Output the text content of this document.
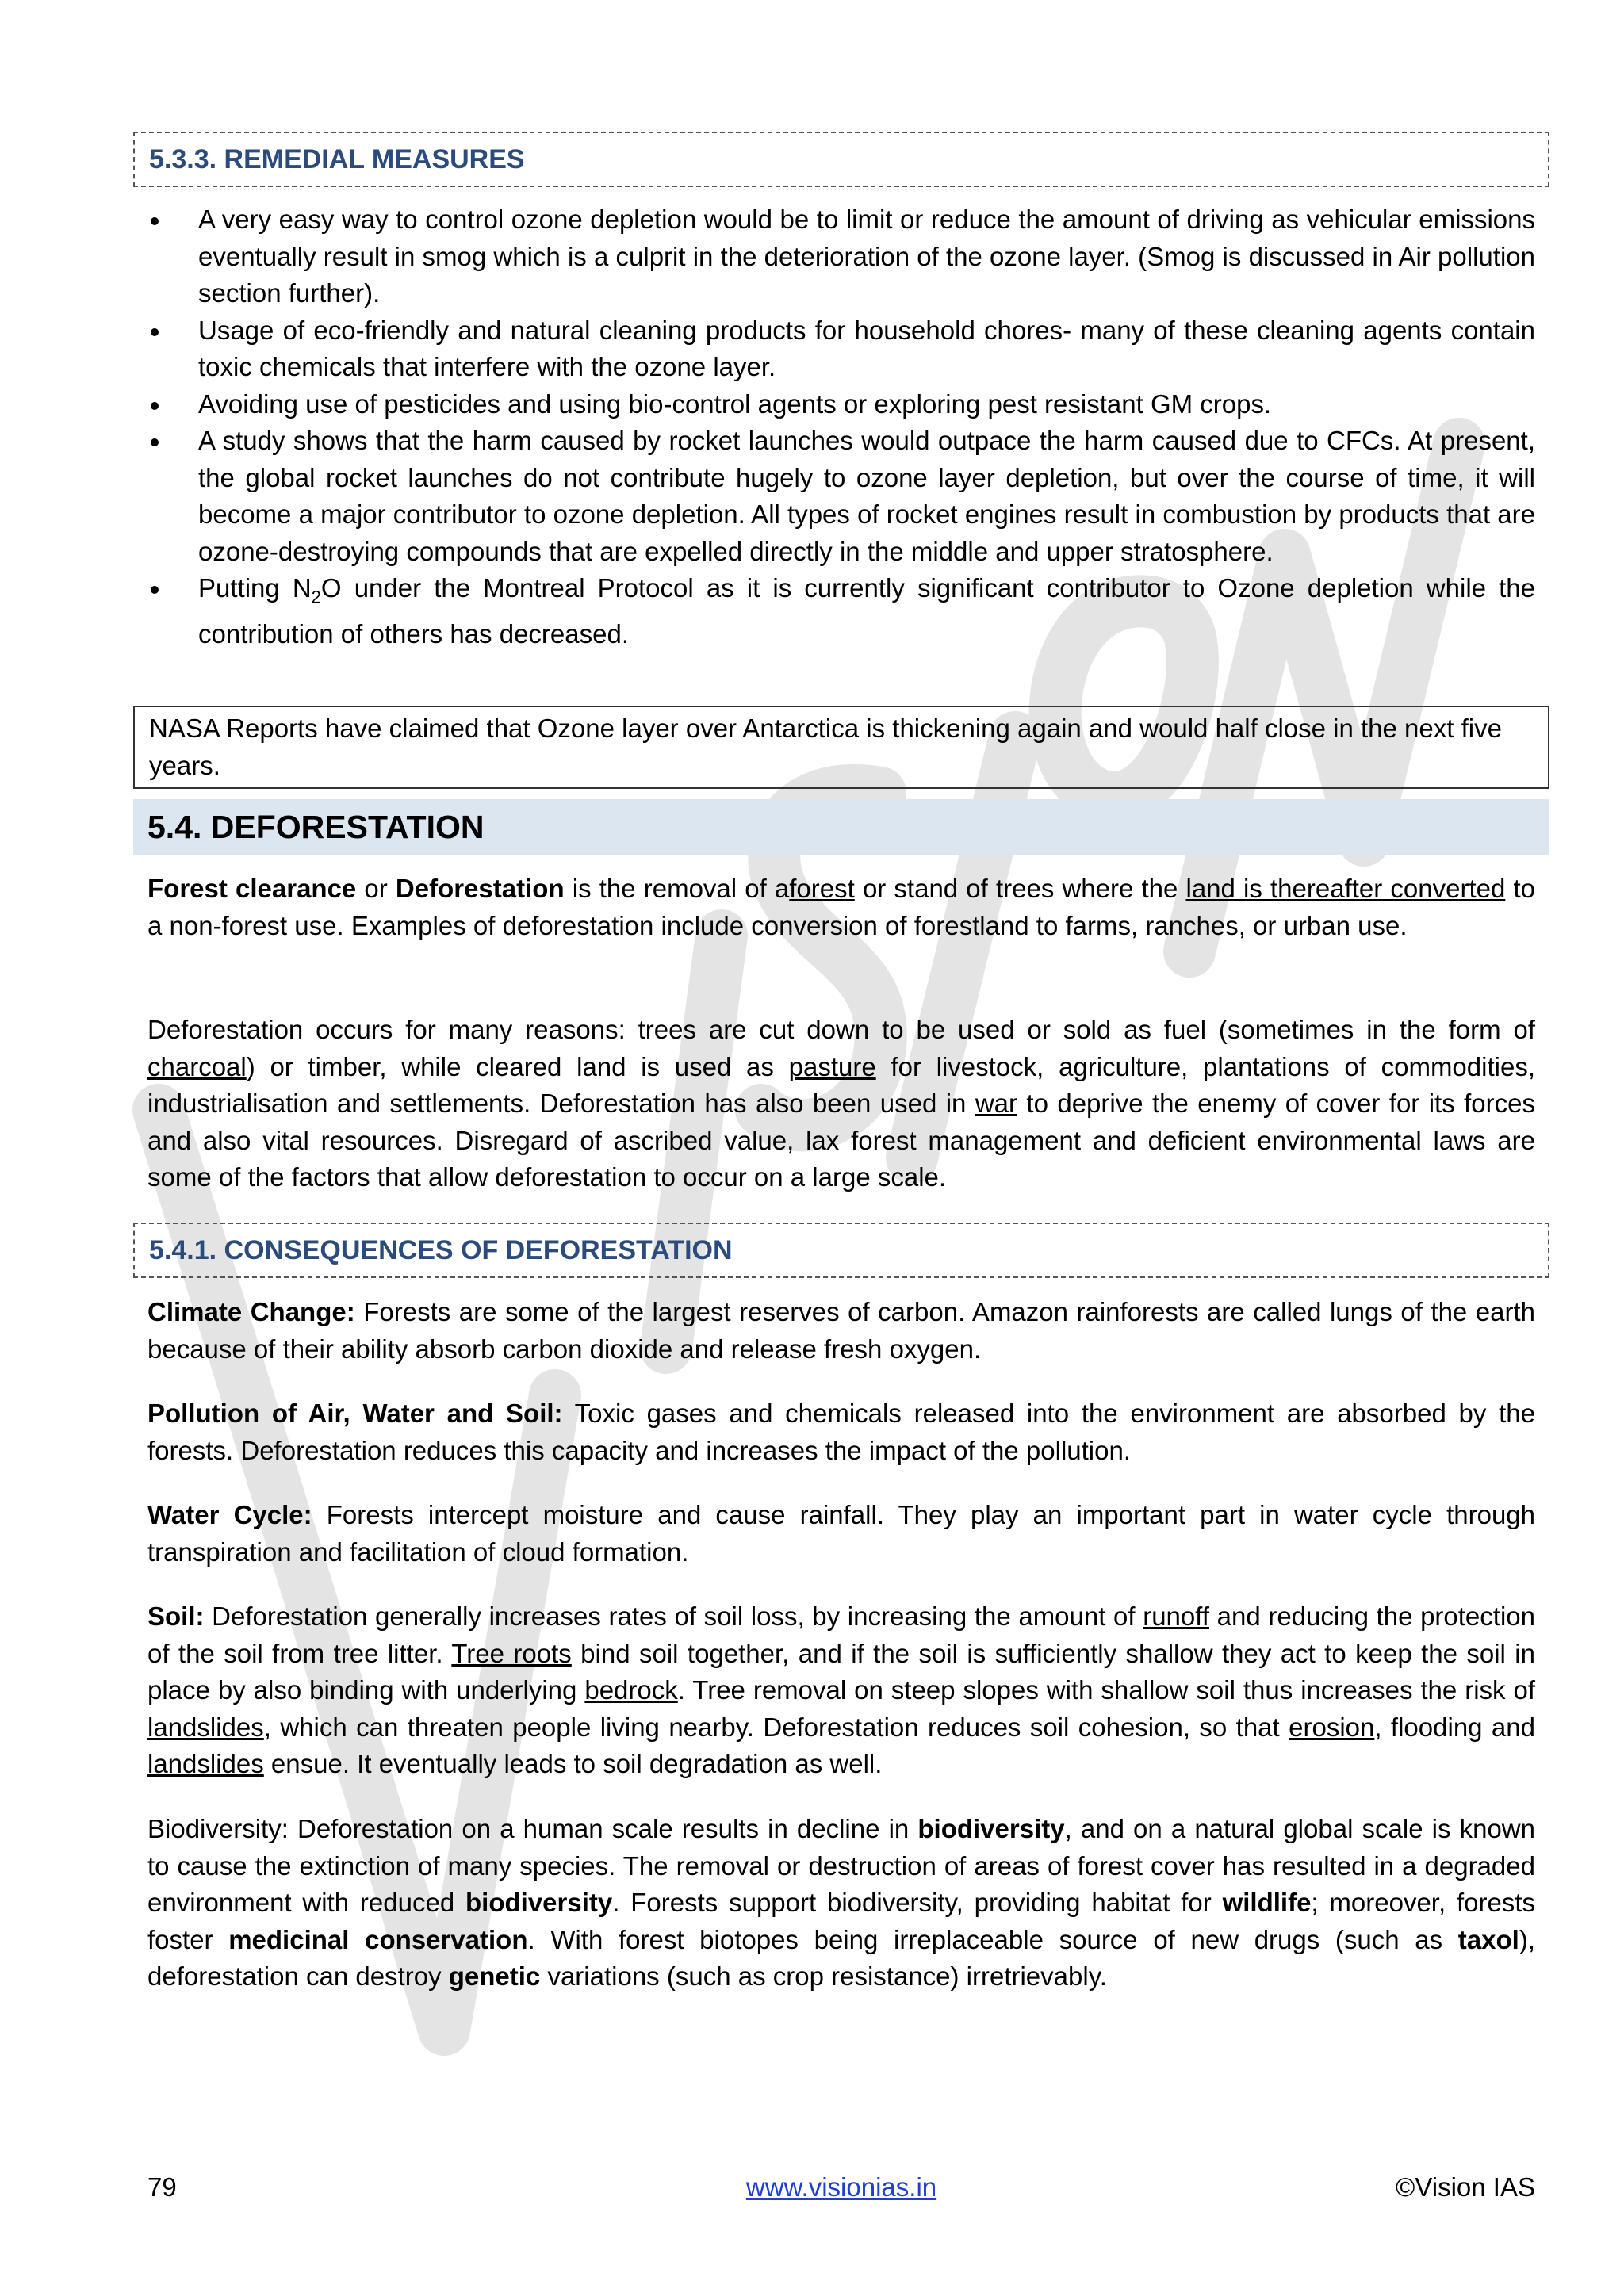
5.3.3. REMEDIAL MEASURES
A very easy way to control ozone depletion would be to limit or reduce the amount of driving as vehicular emissions eventually result in smog which is a culprit in the deterioration of the ozone layer. (Smog is discussed in Air pollution section further).
Usage of eco-friendly and natural cleaning products for household chores- many of these cleaning agents contain toxic chemicals that interfere with the ozone layer.
Avoiding use of pesticides and using bio-control agents or exploring pest resistant GM crops.
A study shows that the harm caused by rocket launches would outpace the harm caused due to CFCs. At present, the global rocket launches do not contribute hugely to ozone layer depletion, but over the course of time, it will become a major contributor to ozone depletion. All types of rocket engines result in combustion by products that are ozone-destroying compounds that are expelled directly in the middle and upper stratosphere.
Putting $N_2O$ under the Montreal Protocol as it is currently significant contributor to Ozone depletion while the contribution of others has decreased.
NASA Reports have claimed that Ozone layer over Antarctica is thickening again and would half close in the next five years.
5.4. DEFORESTATION

Forest clearance or Deforestation is the removal of aforest or stand of trees where the land is thereafter converted to a non-forest use. Examples of deforestation include conversion of forestland to farms, ranches, or urban use.

Deforestation occurs for many reasons: trees are cut down to be used or sold as fuel (sometimes in the form of charcoal) or timber, while cleared land is used as pasture for livestock, agriculture, plantations of commodities, industrialisation and settlements. Deforestation has also been used in war to deprive the enemy of cover for its forces and also vital resources. Disregard of ascribed value, lax forest management and deficient environmental laws are some of the factors that allow deforestation to occur on a large scale.

5.4.1. CONSEQUENCES OF DEFORESTATION

Climate Change: Forests are some of the largest reserves of carbon. Amazon rainforests are called lungs of the earth because of their ability absorb carbon dioxide and release fresh oxygen.

Pollution of Air, Water and Soil: Toxic gases and chemicals released into the environment are absorbed by the forests. Deforestation reduces this capacity and increases the impact of the pollution.

Water Cycle: Forests intercept moisture and cause rainfall. They play an important part in water cycle through transpiration and facilitation of cloud formation.

Soil: Deforestation generally increases rates of soil loss, by increasing the amount of runoff and reducing the protection of the soil from tree litter. Tree roots bind soil together, and if the soil is sufficiently shallow they act to keep the soil in place by also binding with underlying bedrock. Tree removal on steep slopes with shallow soil thus increases the risk of landslides, which can threaten people living nearby. Deforestation reduces soil cohesion, so that erosion, flooding and landslides ensue. It eventually leads to soil degradation as well.

Biodiversity: Deforestation on a human scale results in decline in biodiversity, and on a natural global scale is known to cause the extinction of many species. The removal or destruction of areas of forest cover has resulted in a degraded environment with reduced biodiversity. Forests support biodiversity, providing habitat for wildlife; moreover, forests foster medicinal conservation. With forest biotopes being irreplaceable source of new drugs (such as taxol), deforestation can destroy genetic variations (such as crop resistance) irretrievably.

79	www.visionias.in	©Vision IAS
